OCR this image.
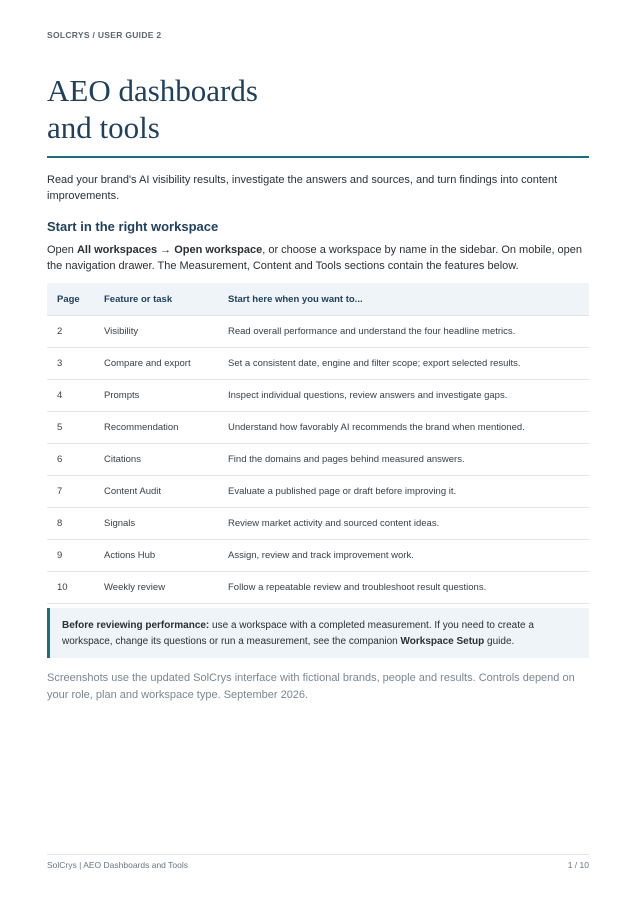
SOLCRYS / USER GUIDE 2
AEO dashboards
and tools

Read your brand's AI visibility results, investigate the answers and sources, and turn findings into content improvements.

Start in the right workspace

Open All workspaces → Open workspace, or choose a workspace by name in the sidebar. On mobile, open the navigation drawer. The Measurement, Content and Tools sections contain the features below.

Page	Feature or task	Start here when you want to...
2	Visibility	Read overall performance and understand the four headline metrics.
3	Compare and export	Set a consistent date, engine and filter scope; export selected results.
4	Prompts	Inspect individual questions, review answers and investigate gaps.
5	Recommendation	Understand how favorably AI recommends the brand when mentioned.
6	Citations	Find the domains and pages behind measured answers.
7	Content Audit	Evaluate a published page or draft before improving it.
8	Signals	Review market activity and sourced content ideas.
9	Actions Hub	Assign, review and track improvement work.
10	Weekly review	Follow a repeatable review and troubleshoot result questions.
Before reviewing performance: use a workspace with a completed measurement. If you need to create a workspace, change its questions or run a measurement, see the companion Workspace Setup guide.

Screenshots use the updated SolCrys interface with fictional brands, people and results. Controls depend on your role, plan and workspace type. September 2026.

SolCrys | AEO Dashboards and Tools	1 / 10
